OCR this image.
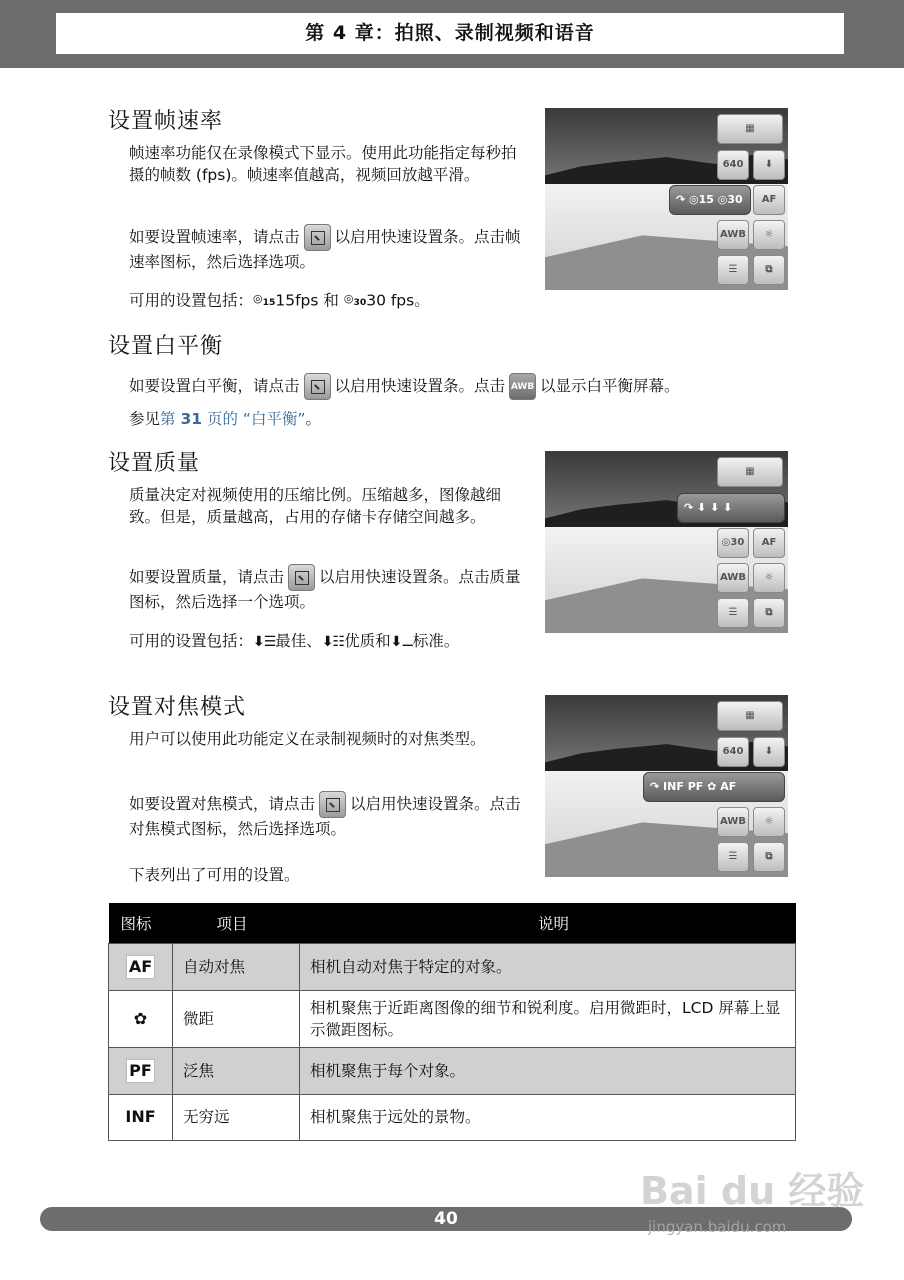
第 4 章：拍照、录制视频和语音
设置帧速率
帧速率功能仅在录像模式下显示。使用此功能指定每秒拍摄的帧数 (fps)。帧速率值越高，视频回放越平滑。
如要设置帧速率，请点击 以启用快速设置条。点击帧速率图标，然后选择选项。
可用的设置包括：$◎_{15}15fps$ 和 $◎_{30}30$ fps。
▦
640	⬇
↷ ◎15 ◎30	AF
AWB	☼
☰	⧉
设置白平衡
如要设置白平衡，请点击 以启用快速设置条。点击 AWB 以显示白平衡屏幕。
参见第 31 页的 “白平衡”。
设置质量
质量决定对视频使用的压缩比例。压缩越多，图像越细致。但是，质量越高，占用的存储卡存储空间越多。
如要设置质量，请点击 以启用快速设置条。点击质量图标，然后选择一个选项。
可用的设置包括：⬇☰最佳、⬇☷优质和⬇⚊标准。
▦
↷ ⬇ ⬇ ⬇
◎30	AF
AWB	☼
☰	⧉
设置对焦模式
用户可以使用此功能定义在录制视频时的对焦类型。
如要设置对焦模式，请点击 以启用快速设置条。点击对焦模式图标，然后选择选项。
下表列出了可用的设置。
▦
640	⬇
↷ INF PF ✿ AF
AWB	☼
☰	⧉
图标	项目	说明
AF	自动对焦	相机自动对焦于特定的对象。
✿	微距	相机聚焦于近距离图像的细节和锐利度。启用微距时，LCD 屏幕上显示微距图标。
PF	泛焦	相机聚焦于每个对象。
INF	无穷远	相机聚焦于远处的景物。
40
Bai du 经验
jingyan.baidu.com
